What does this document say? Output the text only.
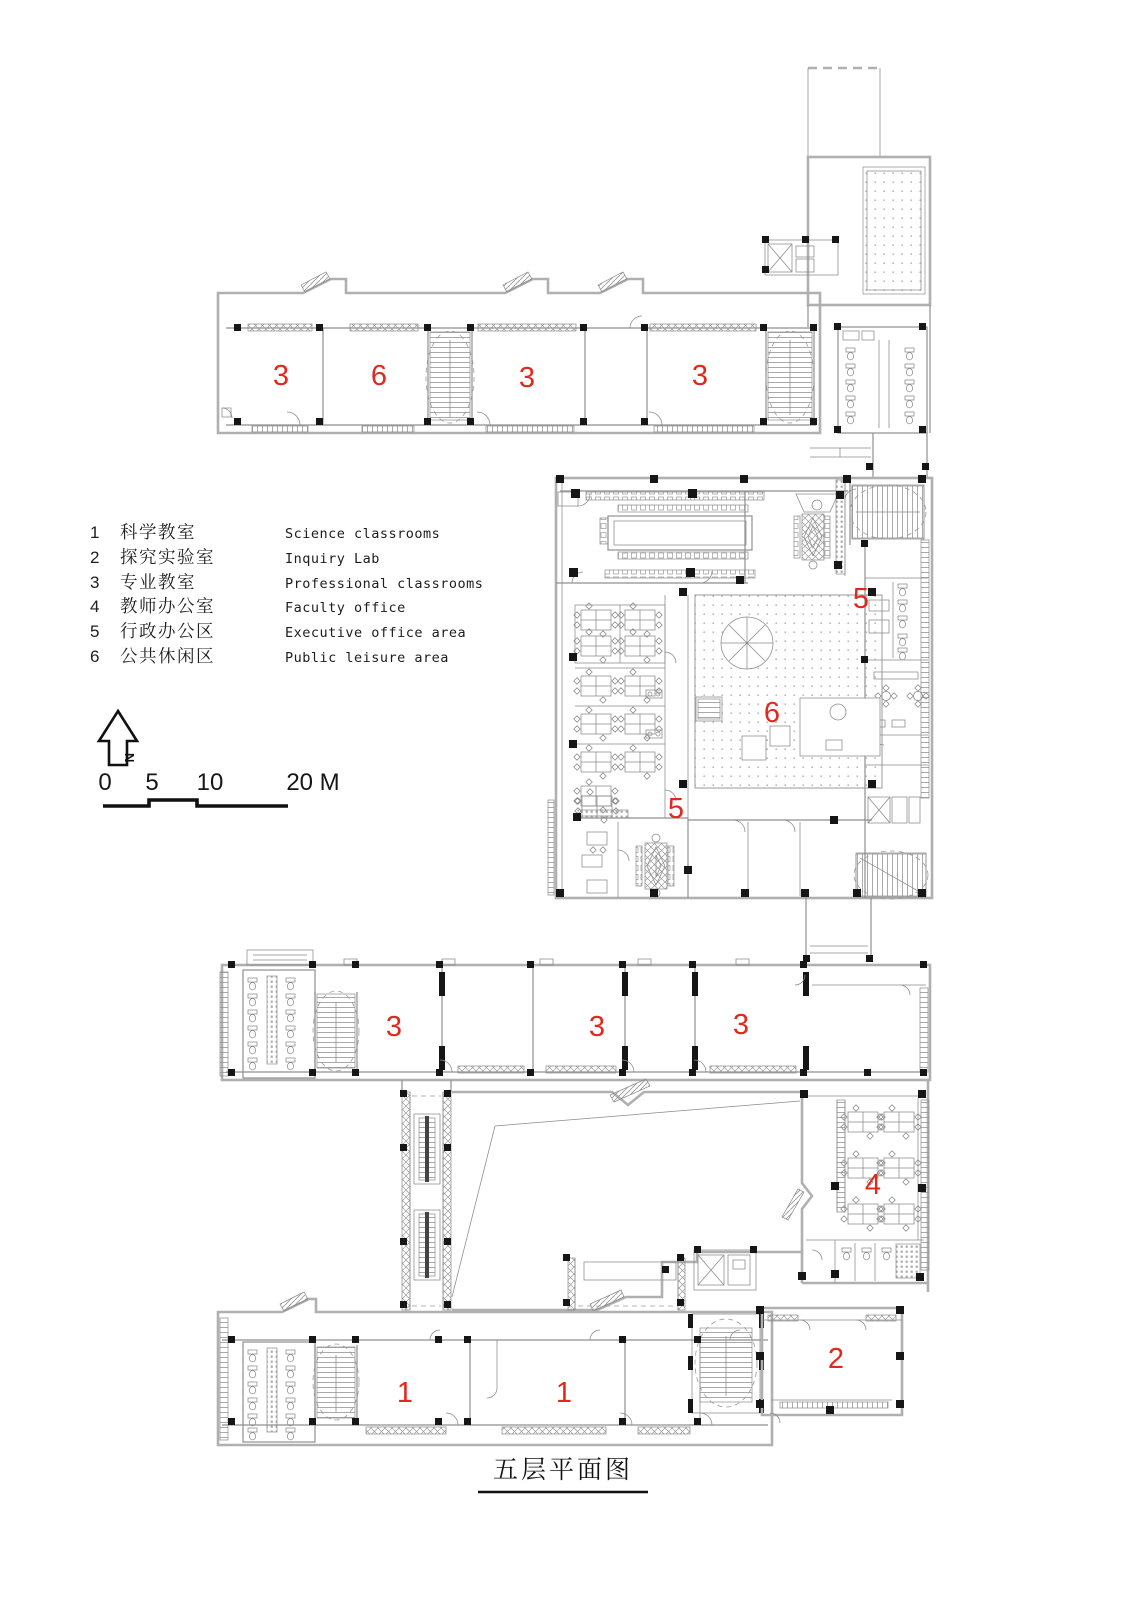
3	6	3	3
5
6
5
3	3	3
4
1	1
2
N
0 5 10	20 M
五层平面图
1	科学教室	Science classrooms
2	探究实验室	Inquiry Lab
3	专业教室	Professional classrooms
4	教师办公室	Faculty office
5	行政办公区	Executive office area
6	公共休闲区	Public leisure area
